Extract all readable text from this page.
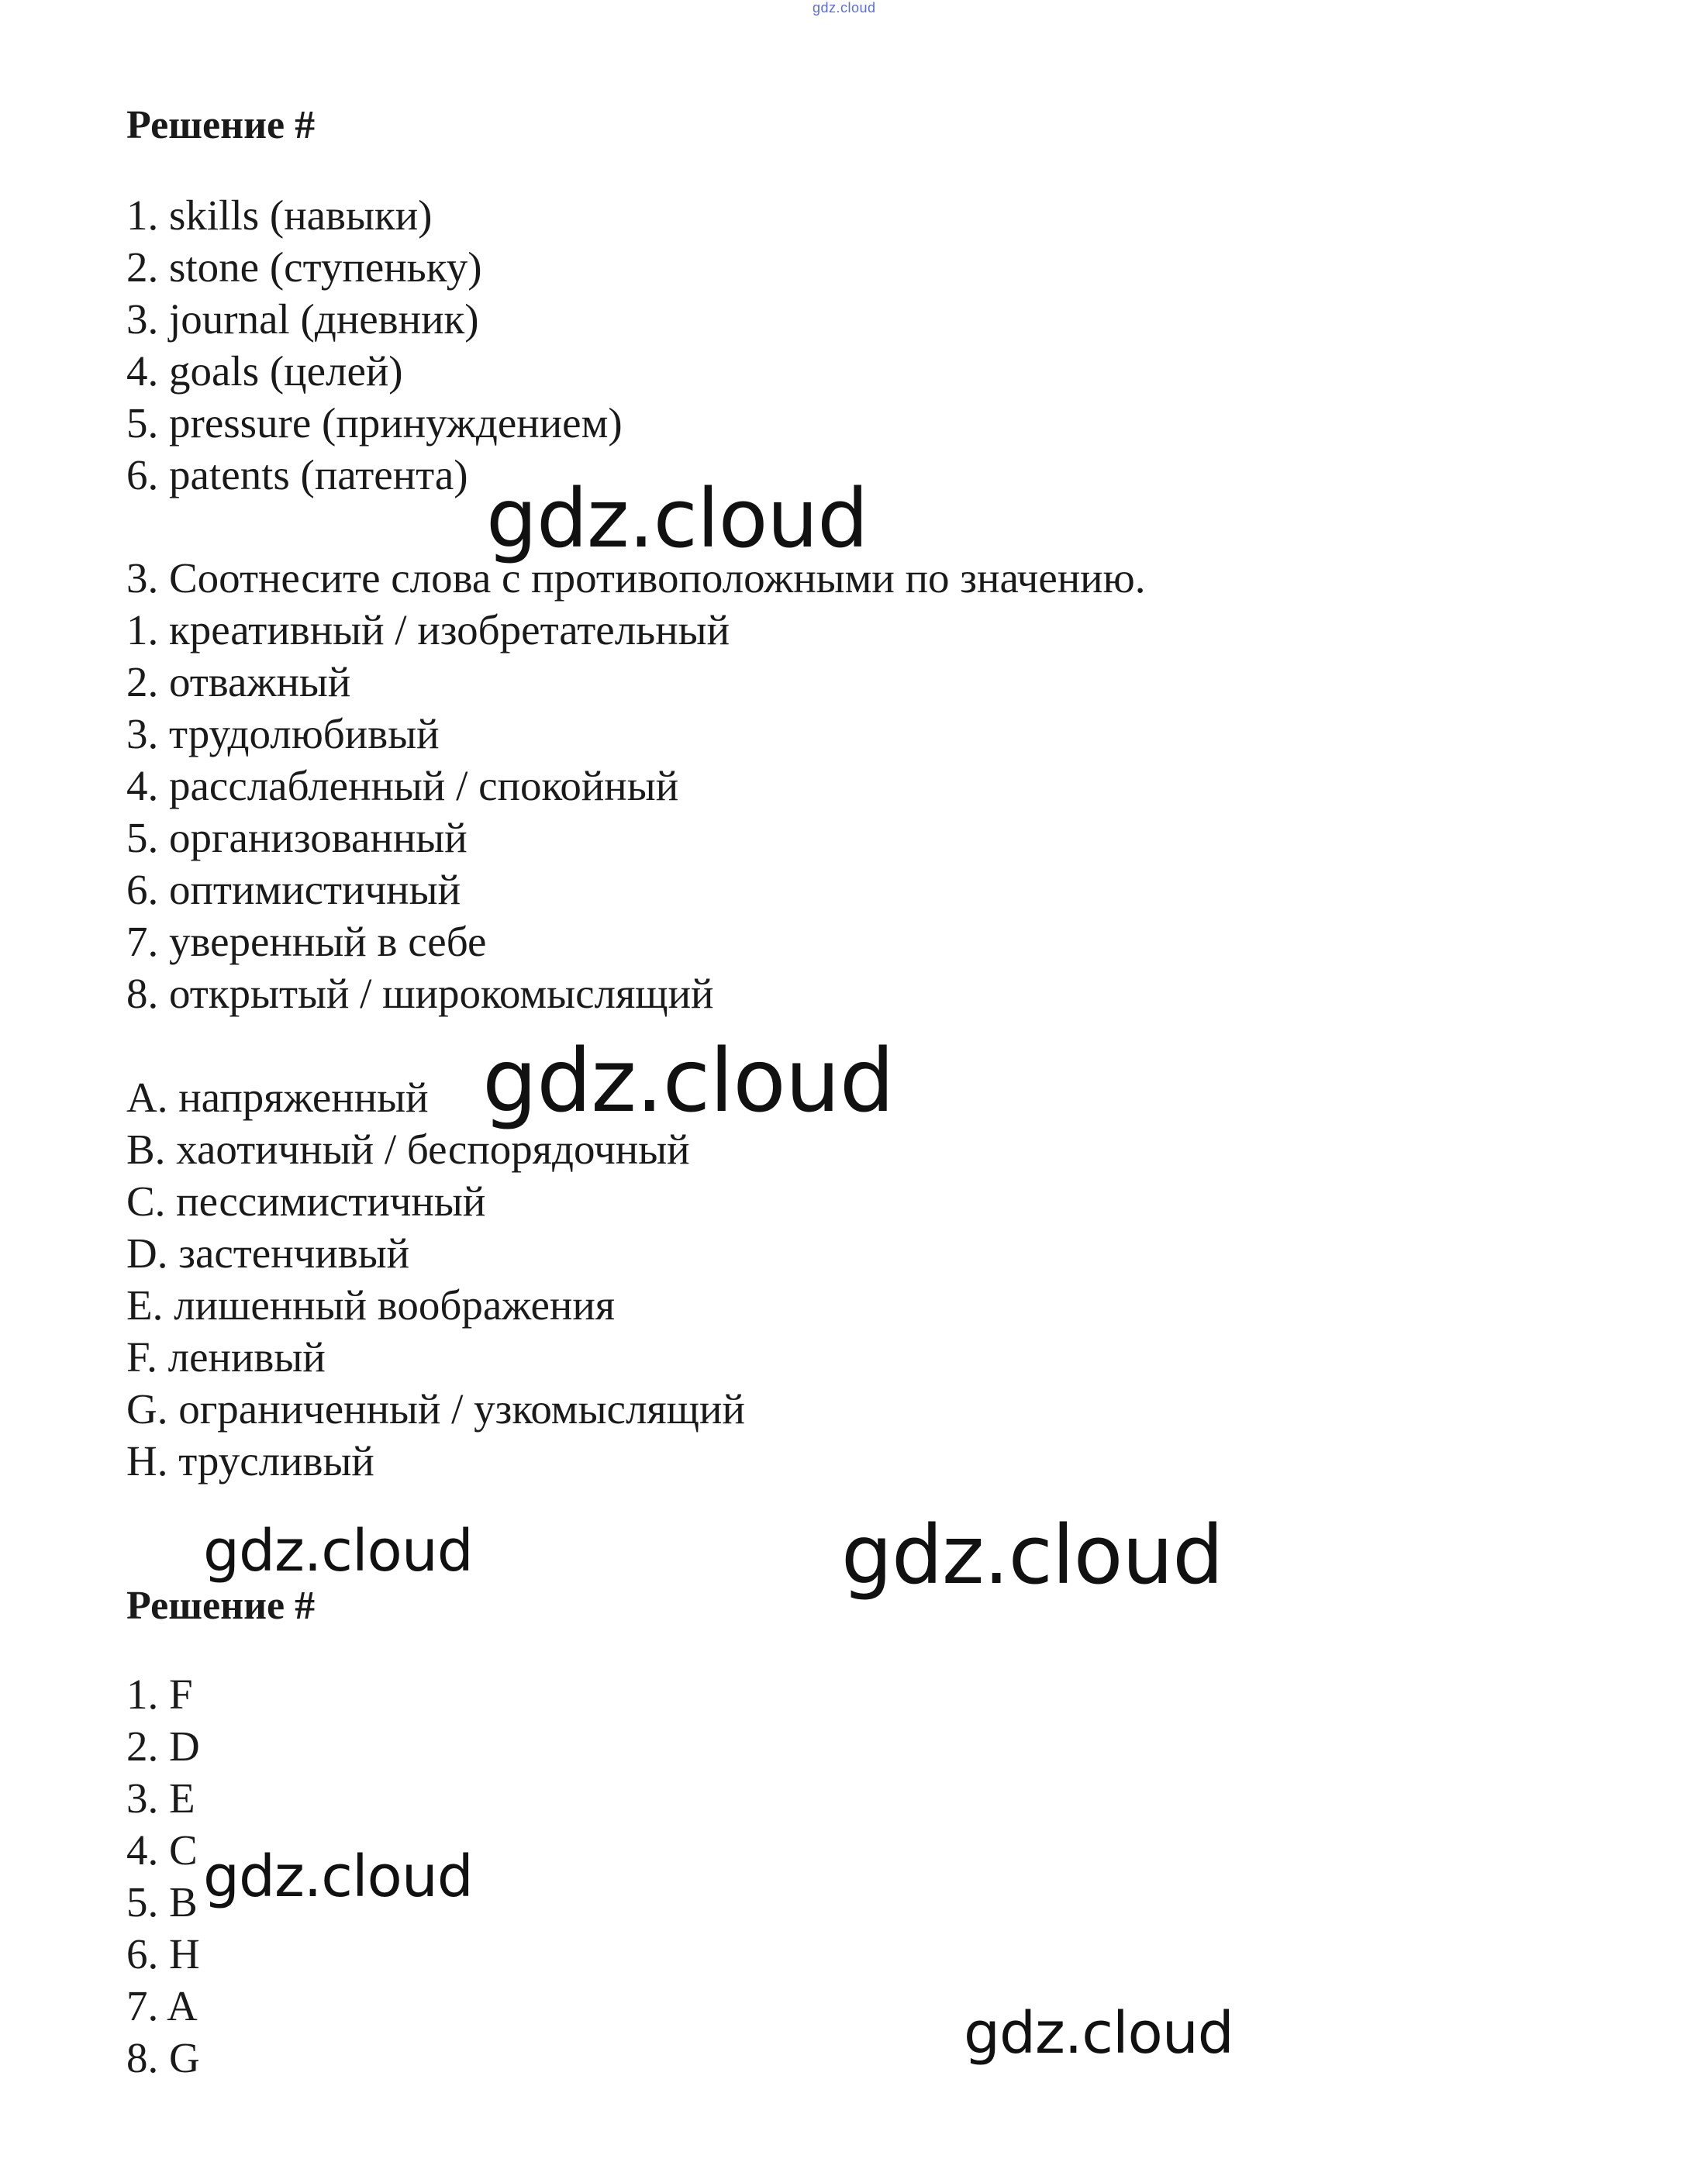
gdz.cloud
Решение #
1. skills (навыки)
2. stone (ступеньку)
3. journal (дневник)
4. goals (целей)
5. pressure (принуждением)
6. patents (патента)
3. Соотнесите слова с противоположными по значению.
1. креативный / изобретательный
2. отважный
3. трудолюбивый
4. расслабленный / спокойный
5. организованный
6. оптимистичный
7. уверенный в себе
8. открытый / широкомыслящий
A. напряженный
B. хаотичный / беспорядочный
C. пессимистичный
D. застенчивый
E. лишенный воображения
F. ленивый
G. ограниченный / узкомыслящий
H. трусливый
Решение #
1. F
2. D
3. E
4. C
5. B
6. H
7. A
8. G
gdz.cloud
gdz.cloud
gdz.cloud	gdz.cloud
gdz.cloud
gdz.cloud
